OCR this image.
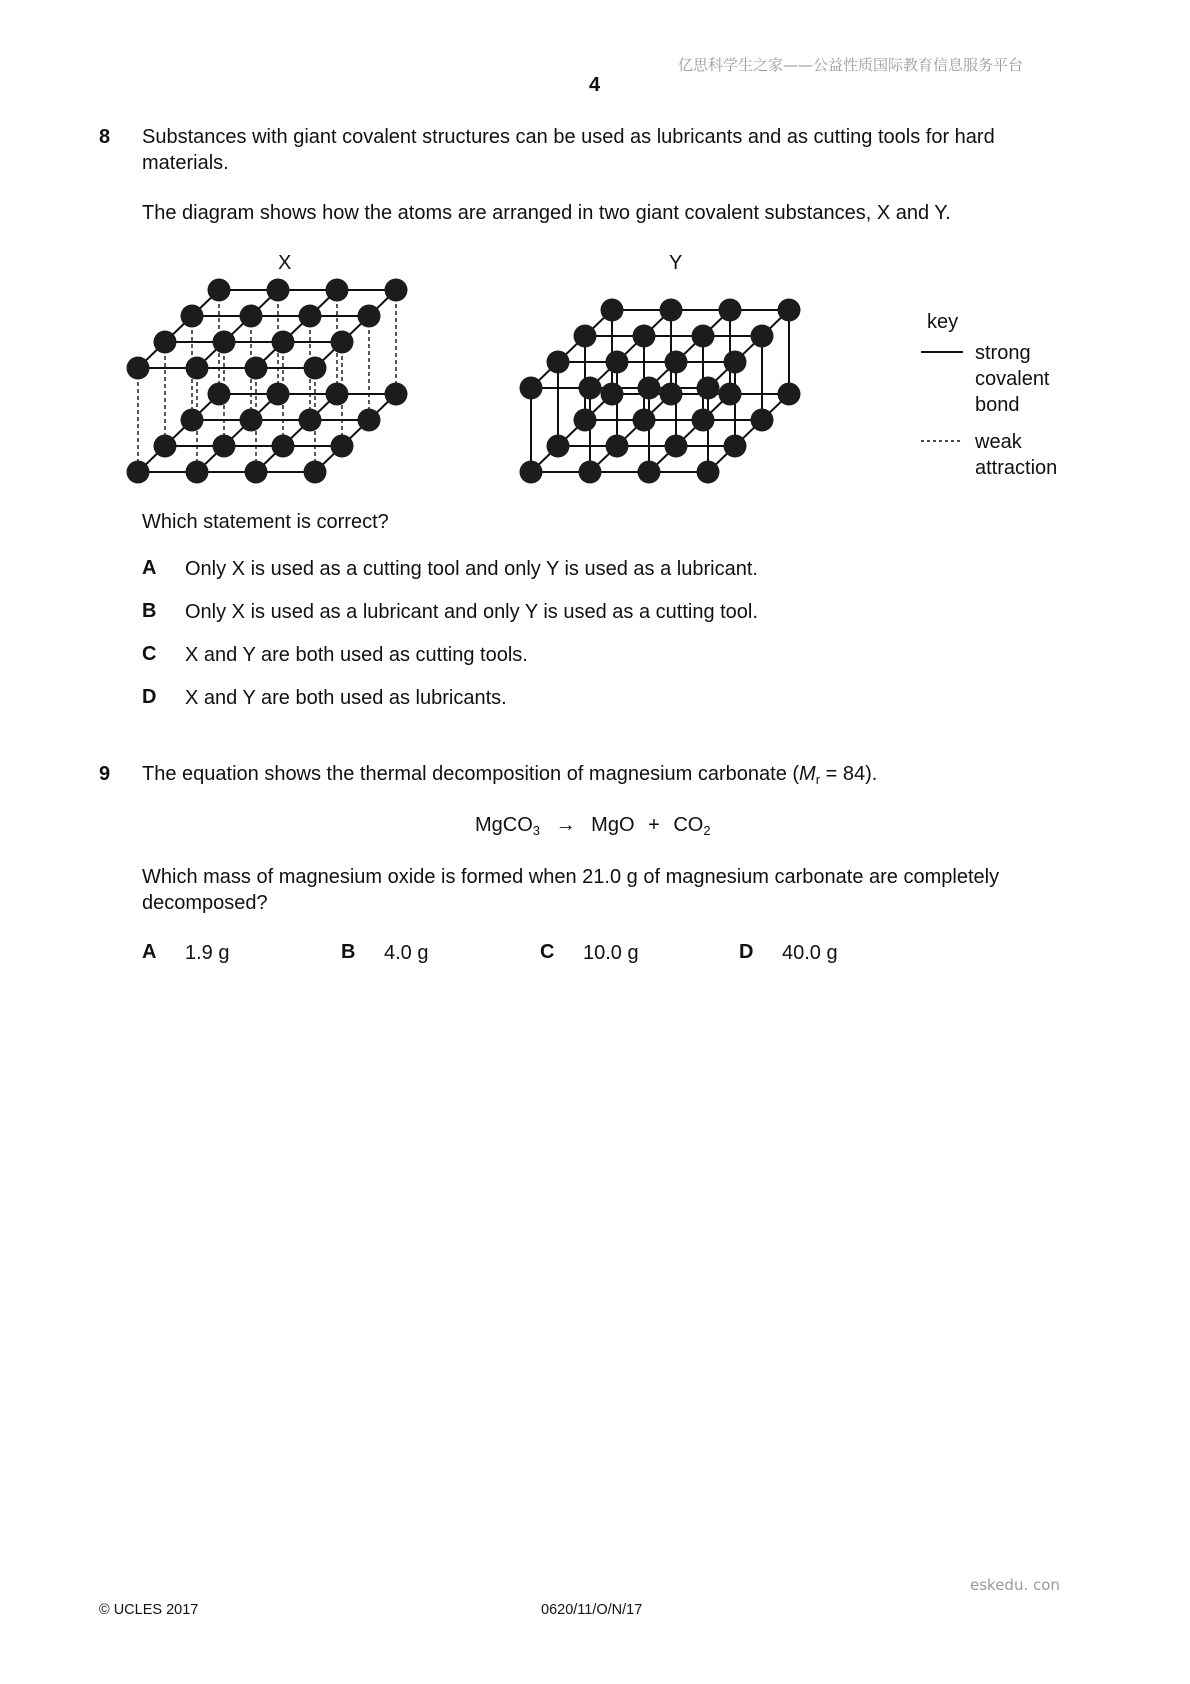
亿思科学生之家——公益性质国际教育信息服务平台
4
8 Substances with giant covalent structures can be used as lubricants and as cutting tools for hard
materials.
The diagram shows how the atoms are arranged in two giant covalent substances, X and Y.
X	Y
key
strong
covalent
bond
weak
attraction
Which statement is correct?
A Only X is used as a cutting tool and only Y is used as a lubricant.
B Only X is used as a lubricant and only Y is used as a cutting tool.
C X and Y are both used as cutting tools.
D X and Y are both used as lubricants.
9 The equation shows the thermal decomposition of magnesium carbonate $(M_r = 84)$.
MgCO$_3$ → MgO + $CO_2$
Which mass of magnesium oxide is formed when 21.0 g of magnesium carbonate are completely
decomposed?
A 1.9 g	B 4.0 g	C 10.0 g	D 40.0 g
eskedu. con
© UCLES 2017	0620/11/O/N/17
